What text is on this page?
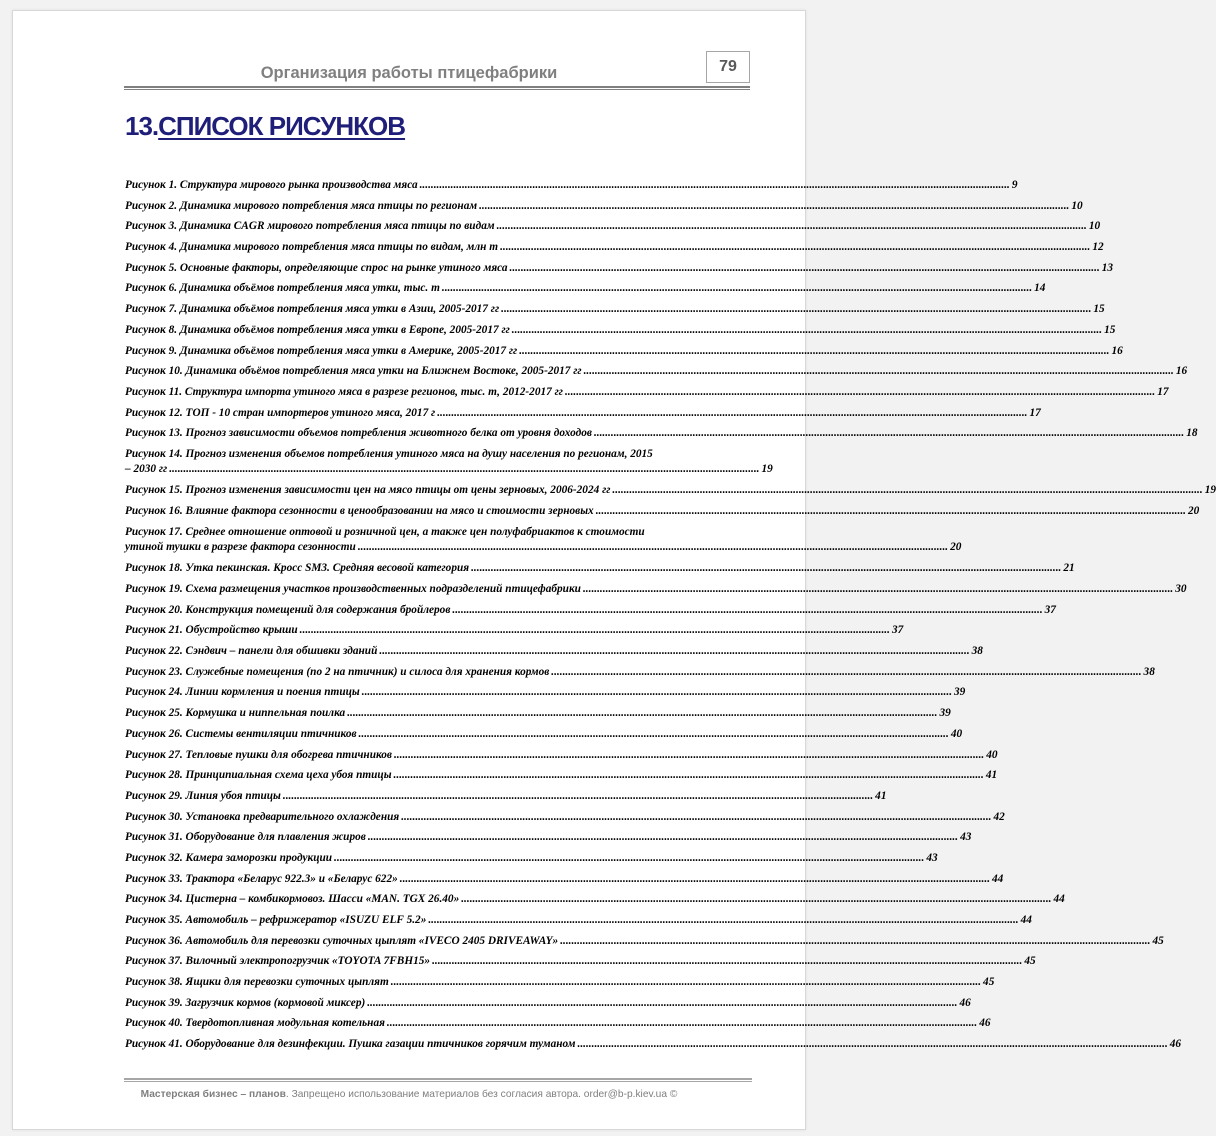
Организация работы птицефабрики	79
13.СПИСОК РИСУНКОВ
Рисунок 1. Структура мирового рынка производства мяса .....	9
Рисунок 2. Динамика мирового потребления мяса птицы по регионам .....	10
Рисунок 3. Динамика CAGR мирового потребления мяса птицы по видам .....	10
Рисунок 4. Динамика мирового потребления мяса птицы по видам, млн т .....	12
Рисунок 5. Основные факторы, определяющие спрос на рынке утиного мяса .....	13
Рисунок 6. Динамика объёмов потребления мяса утки, тыс. т .....	14
Рисунок 7. Динамика объёмов потребления мяса утки в Азии, 2005-2017 гг .....	15
Рисунок 8. Динамика объёмов потребления мяса утки в Европе, 2005-2017 гг .....	15
Рисунок 9. Динамика объёмов потребления мяса утки в Америке, 2005-2017 гг .....	16
Рисунок 10. Динамика объёмов потребления мяса утки на Ближнем Востоке, 2005-2017 гг .....	16
Рисунок 11. Структура импорта утиного мяса в разрезе регионов, тыс. т, 2012-2017 гг .....	17
Рисунок 12. ТОП - 10 стран импортеров утиного мяса, 2017 г .....	17
Рисунок 13. Прогноз зависимости объемов потребления животного белка от уровня доходов .....	18
Рисунок 14. Прогноз изменения объемов потребления утиного мяса на душу населения по регионам, 2015
– 2030 гг .....	19
Рисунок 15. Прогноз изменения зависимости цен на мясо птицы от цены зерновых, 2006-2024 гг .....	19
Рисунок 16. Влияние фактора сезонности в ценообразовании на мясо и стоимости зерновых .....	20
Рисунок 17. Среднее отношение оптовой и розничной цен, а также цен полуфабриактов к стоимости
утиной тушки в разрезе фактора сезонности .....	20
Рисунок 18. Утка пекинская. Кросс SM3. Средняя весовой категория .....	21
Рисунок 19. Схема размещения участков производственных подразделений птицефабрики .....	30
Рисунок 20. Конструкция помещений для содержания бройлеров .....	37
Рисунок 21. Обустройство крыши .....	37
Рисунок 22. Сэндвич – панели для обшивки зданий .....	38
Рисунок 23. Служебные помещения (по 2 на птичник) и силоса для хранения кормов .....	38
Рисунок 24. Линии кормления и поения птицы .....	39
Рисунок 25. Кормушка и ниппельная поилка .....	39
Рисунок 26. Системы вентиляции птичников .....	40
Рисунок 27. Тепловые пушки для обогрева птичников .....	40
Рисунок 28. Принципиальная схема цеха убоя птицы .....	41
Рисунок 29. Линия убоя птицы .....	41
Рисунок 30. Установка предварительного охлаждения .....	42
Рисунок 31. Оборудование для плавления жиров .....	43
Рисунок 32. Камера заморозки продукции .....	43
Рисунок 33. Трактора «Беларус 922.3» и «Беларус 622» .....	44
Рисунок 34. Цистерна – комбикормовоз. Шасси «MAN. TGX 26.40» .....	44
Рисунок 35. Автомобиль – рефрижератор «ISUZU ELF 5.2» .....	44
Рисунок 36. Автомобиль для перевозки суточных цыплят «IVECO 2405 DRIVEAWAY» .....	45
Рисунок 37. Вилочный электропогрузчик «TOYOTA 7FBH15» .....	45
Рисунок 38. Ящики для перевозки суточных цыплят .....	45
Рисунок 39. Загрузчик кормов (кормовой миксер) .....	46
Рисунок 40. Твердотопливная модульная котельная .....	46
Рисунок 41. Оборудование для дезинфекции. Пушка газации птичников горячим туманом .....	46
Мастерская бизнес – планов. Запрещено использование материалов без согласия автора. order@b-p.kiev.ua ©
